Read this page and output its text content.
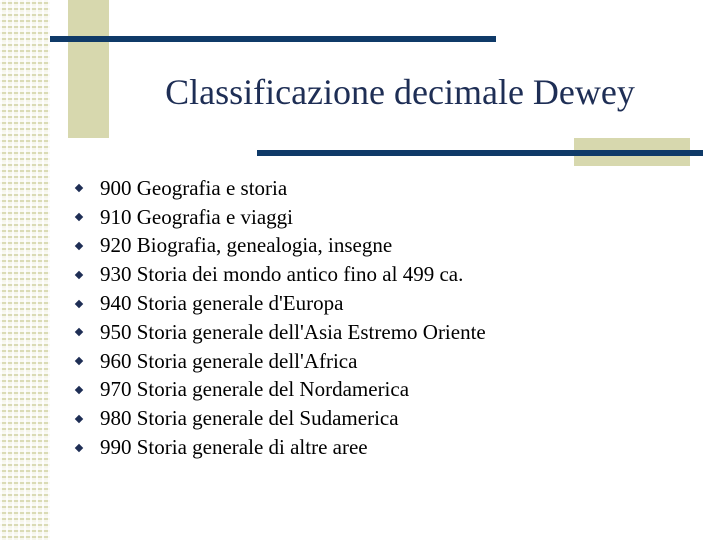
Classificazione decimale Dewey
900 Geografia e storia
910 Geografia e viaggi
920 Biografia, genealogia, insegne
930 Storia dei mondo antico fino al 499 ca.
940 Storia generale d'Europa
950 Storia generale dell'Asia Estremo Oriente
960 Storia generale dell'Africa
970 Storia generale del Nordamerica
980 Storia generale del Sudamerica
990 Storia generale di altre aree
